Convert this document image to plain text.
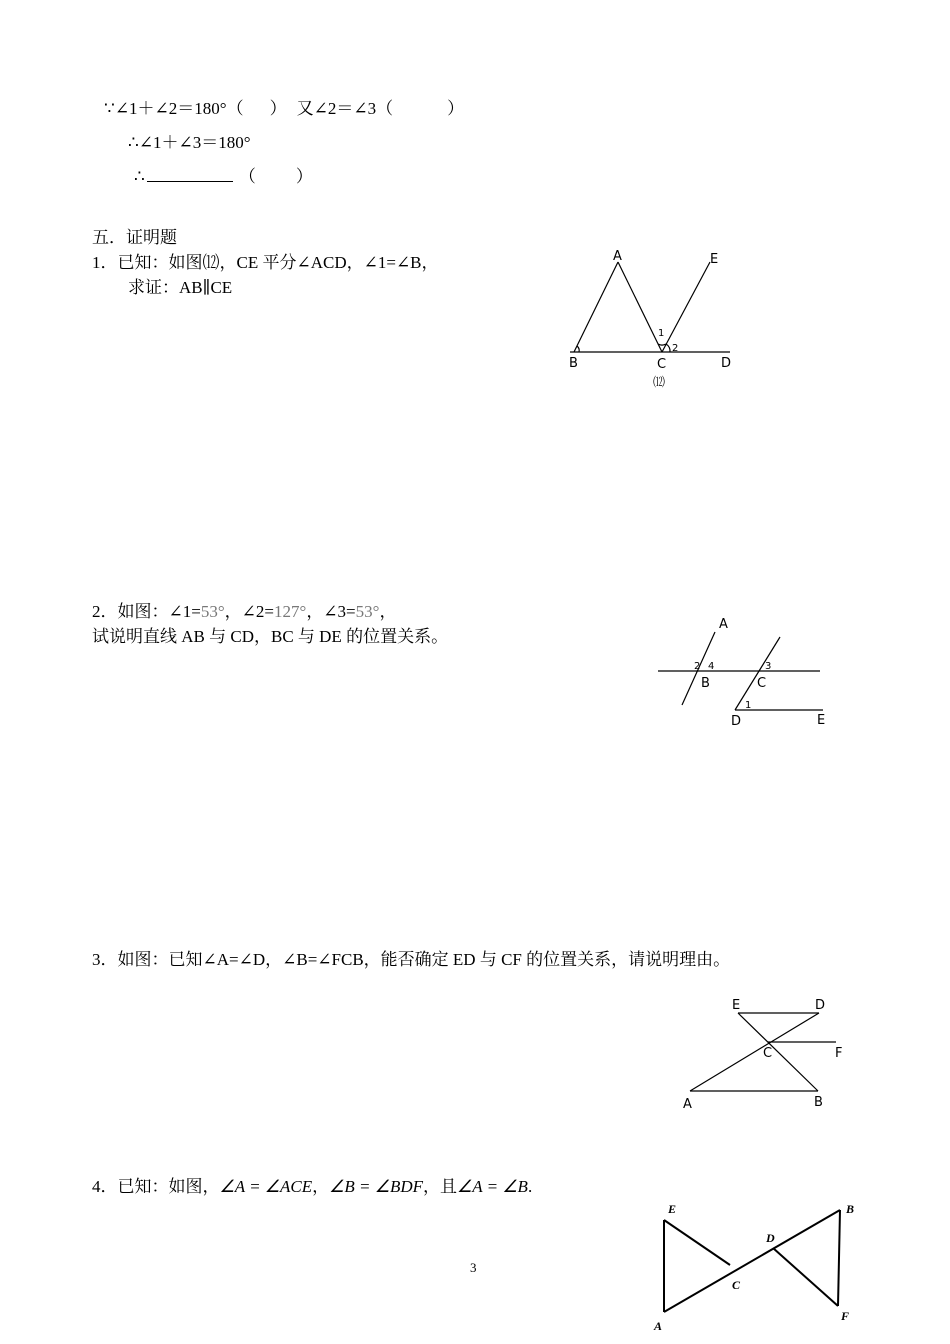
∵∠1＋∠2＝180°（ ） 又∠2＝∠3（	）
∴∠1＋∠3＝180°
∴	（ ）
五．证明题
1．已知：如图⑿，CE 平分∠ACD，∠1=∠B，
求证：AB∥CE
A	E
B	C	D
1
2
⑿
2．如图：∠1=53°，∠2=127°，∠3=53°，
试说明直线 AB 与 CD，BC 与 DE 的位置关系。
A
B	C
D	E
2 4	3
1
3．如图：已知∠A=∠D，∠B=∠FCB，能否确定 ED 与 CF 的位置关系，请说明理由。
E	D
C	F
A	B
4．已知：如图，∠A = ∠ACE，∠B = ∠BDF，且∠A = ∠B.
E	B
D
C
A
F
3
